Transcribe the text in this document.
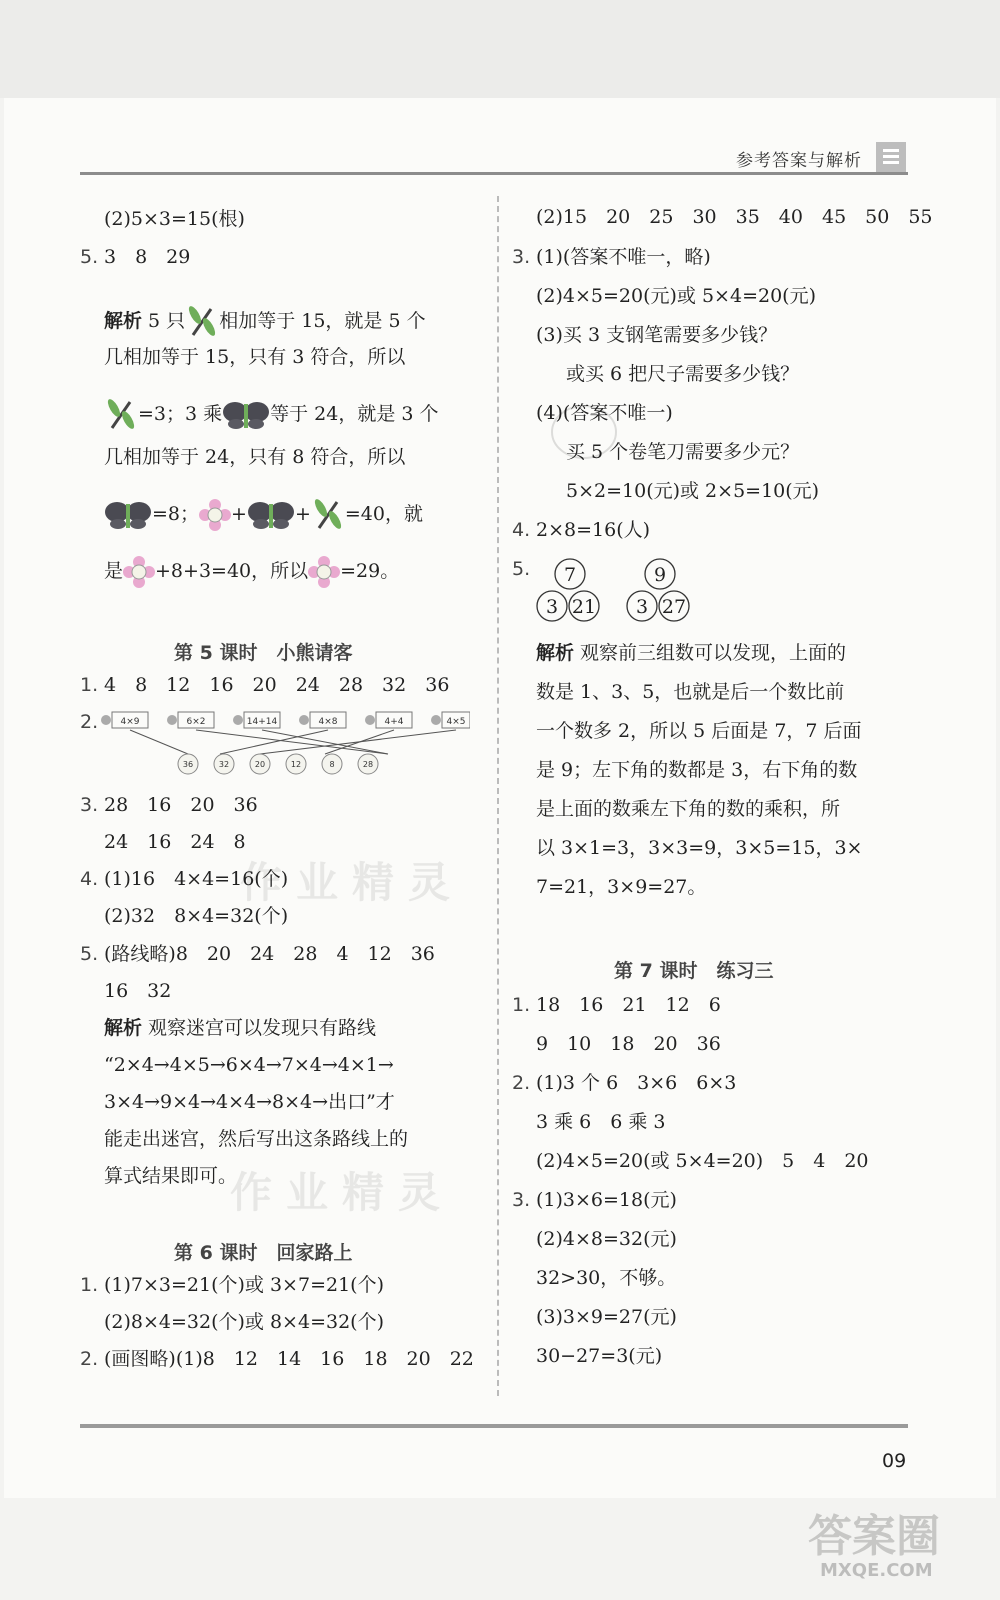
参考答案与解析
作业精灵
作业精灵
(2)5×3=15(根)
5. 3　8　29
解析 5 只 相加等于 15，就是 5 个
几相加等于 15，只有 3 符合，所以
=3；3 乘	等于 24，就是 3 个
几相加等于 24，只有 8 符合，所以
=8； +	+ =40，就
是 +8+3=40，所以 =29。
第 5 课时　小熊请客
1. 4　8　12　16　20　24　28　32　36
2. 4×9	6×2	14+14	4×8	4+4	4×5
36	32	20	12	8	28
3. 28　16　20　36
24　16　24　8
4. (1)16　4×4=16(个)
(2)32　8×4=32(个)
5. (路线略)8　20　24　28　4　12　36
16　32
解析 观察迷宫可以发现只有路线
“2×4→4×5→6×4→7×4→4×1→
3×4→9×4→4×4→8×4→出口”才
能走出迷宫，然后写出这条路线上的
算式结果即可。
第 6 课时　回家路上
1. (1)7×3=21(个)或 3×7=21(个)
(2)8×4=32(个)或 8×4=32(个)
2. (画图略)(1)8　12　14　16　18　20　22
(2)15　20　25　30　35　40　45　50　55
3. (1)(答案不唯一，略)
(2)4×5=20(元)或 5×4=20(元)
(3)买 3 支钢笔需要多少钱？
或买 6 把尺子需要多少钱？
(4)(答案不唯一)
买 5 个卷笔刀需要多少元？
5×2=10(元)或 2×5=10(元)
4. 2×8=16(人)
5. 7
3 21
9
3 27
解析 观察前三组数可以发现，上面的
数是 1、3、5，也就是后一个数比前
一个数多 2，所以 5 后面是 7，7 后面
是 9；左下角的数都是 3，右下角的数
是上面的数乘左下角的数的乘积，所
以 3×1=3，3×3=9，3×5=15，3×
7=21，3×9=27。
第 7 课时　练习三
1. 18　16　21　12　6
9　10　18　20　36
2. (1)3 个 6　3×6　6×3
3 乘 6　6 乘 3
(2)4×5=20(或 5×4=20)　5　4　20
3. (1)3×6=18(元)
(2)4×8=32(元)
32>30，不够。
(3)3×9=27(元)
30−27=3(元)
09
答案圈
MXQE.COM
